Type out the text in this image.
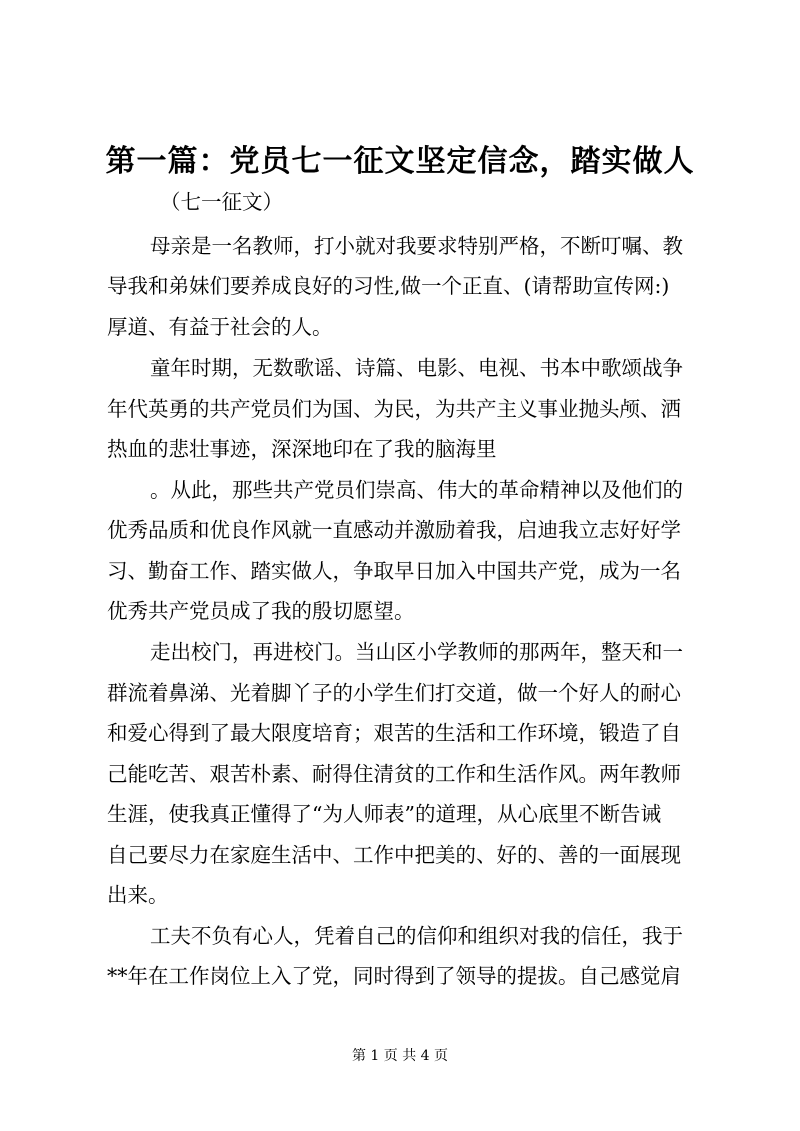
第一篇：党员七一征文坚定信念，踏实做人
（七一征文）
母亲是一名教师，打小就对我要求特别严格，不断叮嘱、教
导我和弟妹们要养成良好的习性,做一个正直、(请帮助宣传网:)
厚道、有益于社会的人。
童年时期，无数歌谣、诗篇、电影、电视、书本中歌颂战争
年代英勇的共产党员们为国、为民，为共产主义事业抛头颅、洒
热血的悲壮事迹，深深地印在了我的脑海里
。从此，那些共产党员们崇高、伟大的革命精神以及他们的
优秀品质和优良作风就一直感动并激励着我，启迪我立志好好学
习、勤奋工作、踏实做人，争取早日加入中国共产党，成为一名
优秀共产党员成了我的殷切愿望。
走出校门，再进校门。当山区小学教师的那两年，整天和一
群流着鼻涕、光着脚丫子的小学生们打交道，做一个好人的耐心
和爱心得到了最大限度培育；艰苦的生活和工作环境，锻造了自
己能吃苦、艰苦朴素、耐得住清贫的工作和生活作风。两年教师
生涯，使我真正懂得了“为人师表”的道理，从心底里不断告诫
自己要尽力在家庭生活中、工作中把美的、好的、善的一面展现
出来。
工夫不负有心人，凭着自己的信仰和组织对我的信任，我于
**年在工作岗位上入了党，同时得到了领导的提拔。自己感觉肩
第 1 页 共 4 页
